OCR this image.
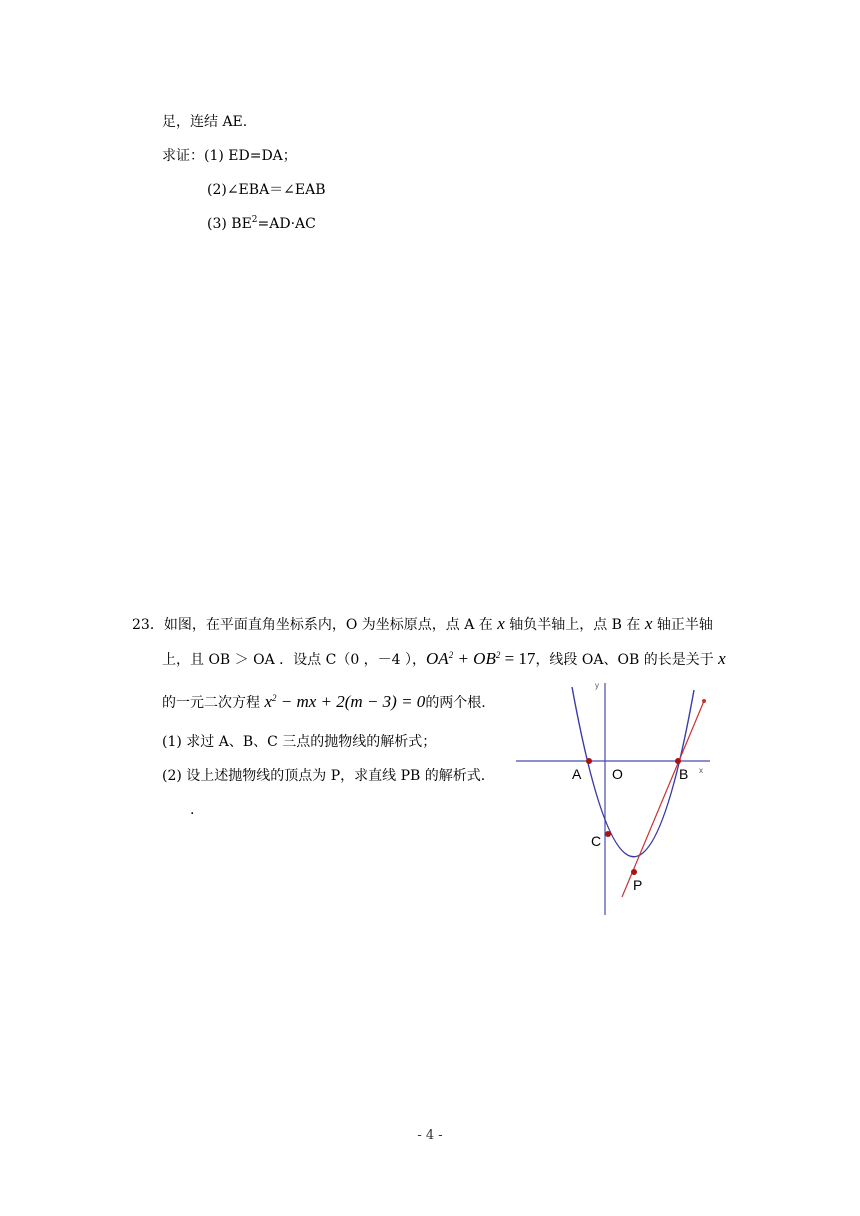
足，连结 AE.
求证：(1) ED=DA；
(2)∠EBA＝∠EAB
(3) $BE^2=AD\cdot AC$
23．如图，在平面直角坐标系内，O 为坐标原点，点 A 在 x 轴负半轴上，点 B 在 x 轴正半轴
上，且 OB ＞ OA ．设点 C（0 ，－4 ），$OA^2 + OB^2 = 17$，线段 OA、OB 的长是关于 x
的一元二次方程 $x^2$ − mx + 2(m − 3) = 0的两个根.
(1) 求过 A、B、C 三点的抛物线的解析式；
(2) 设上述抛物线的顶点为 P，求直线 PB 的解析式.
.
y
x
A O	B
C
P
- 4 -
